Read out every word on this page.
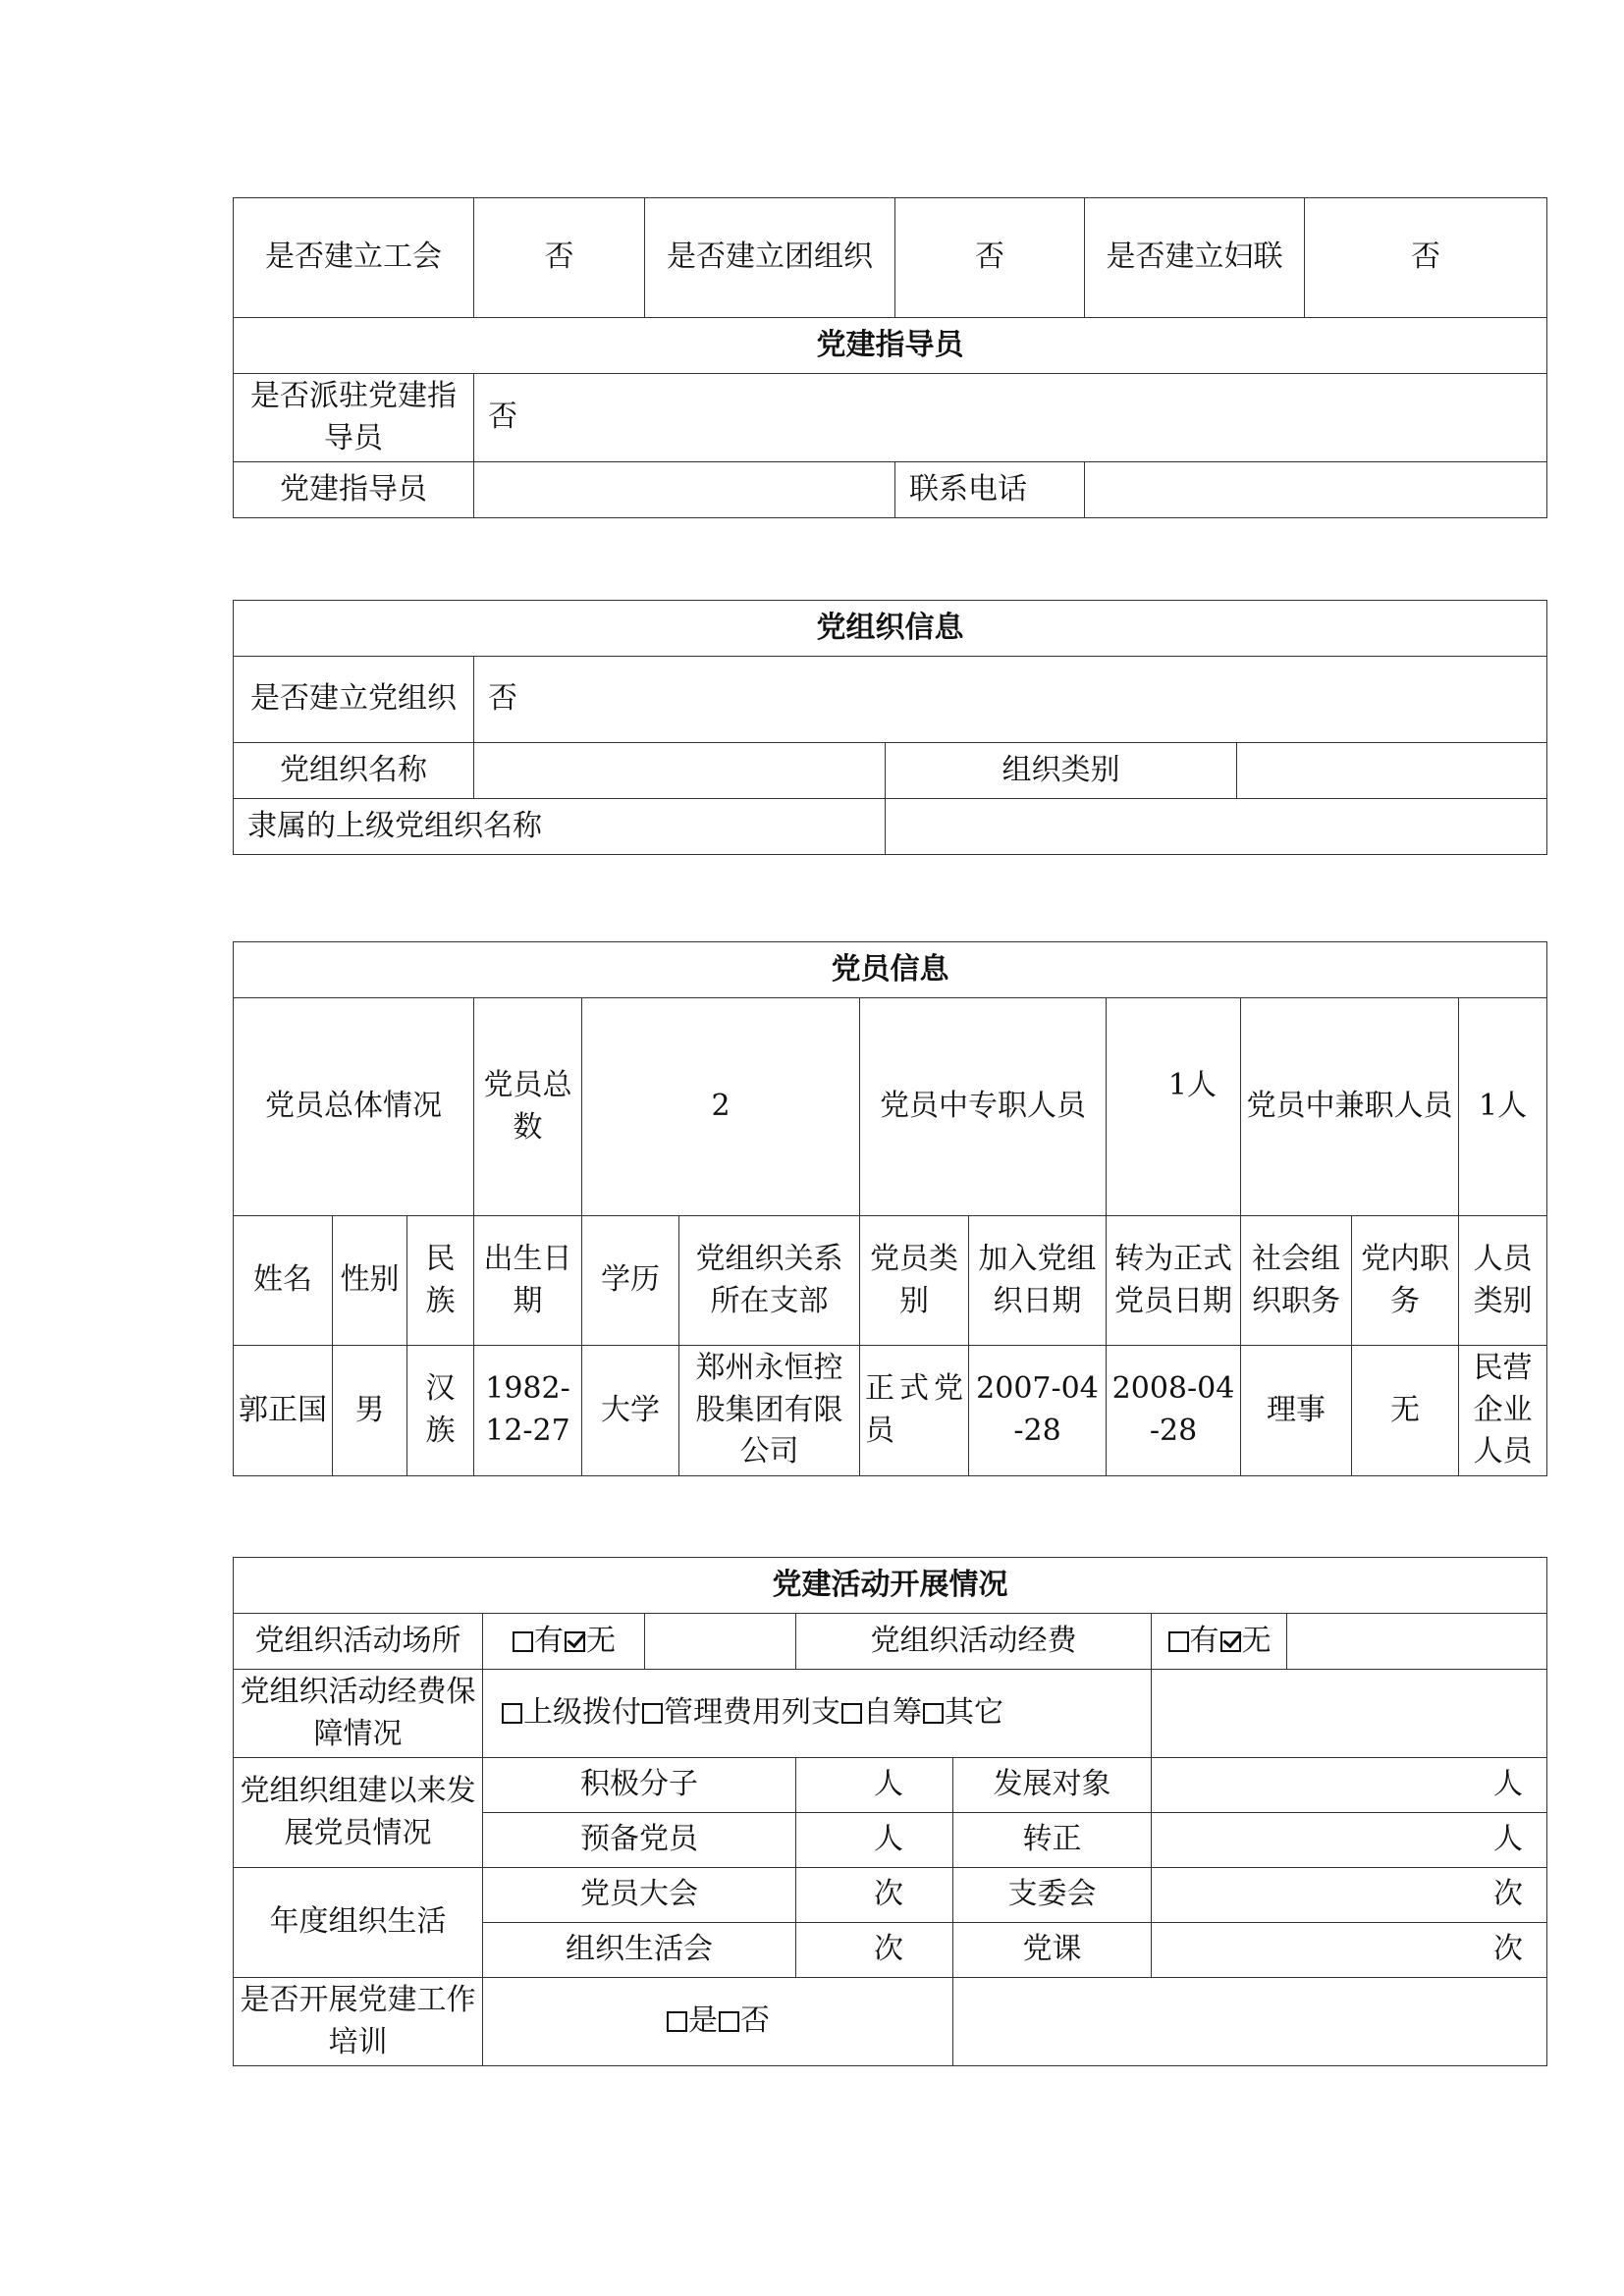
是否建立工会	否	是否建立团组织	否	是否建立妇联	否
党建指导员					
是否派驻党建指导员	否				
党建指导员			联系电话		
党组织信息			
是否建立党组织	否		
党组织名称		组织类别	
隶属的上级党组织名称			
党员信息											
党员总体情况			党员总数	2		党员中专职人员		1人	党员中兼职人员		1人
姓名	性别	民族	出生日期	学历	党组织关系所在支部	党员类别	加入党组织日期	转为正式党员日期	社会组织职务	党内职务	人员类别
郭正国	男	汉族	1982-12-27	大学	郑州永恒控股集团有限公司	正式党员	2007-04-28	2008-04-28	理事	无	民营企业人员
党建活动开展情况						
党组织活动场所	有 无		党组织活动经费		有 无	
党组织活动经费保障情况	上级拨付 管理费用列支 自筹 其它					
党组织组建以来发展党员情况	积极分子		人	发展对象	人	
	预备党员		人	转正	人	
年度组织生活	党员大会		次	支委会	次	
	组织生活会		次	党课	次	
是否开展党建工作培训	是 否					
